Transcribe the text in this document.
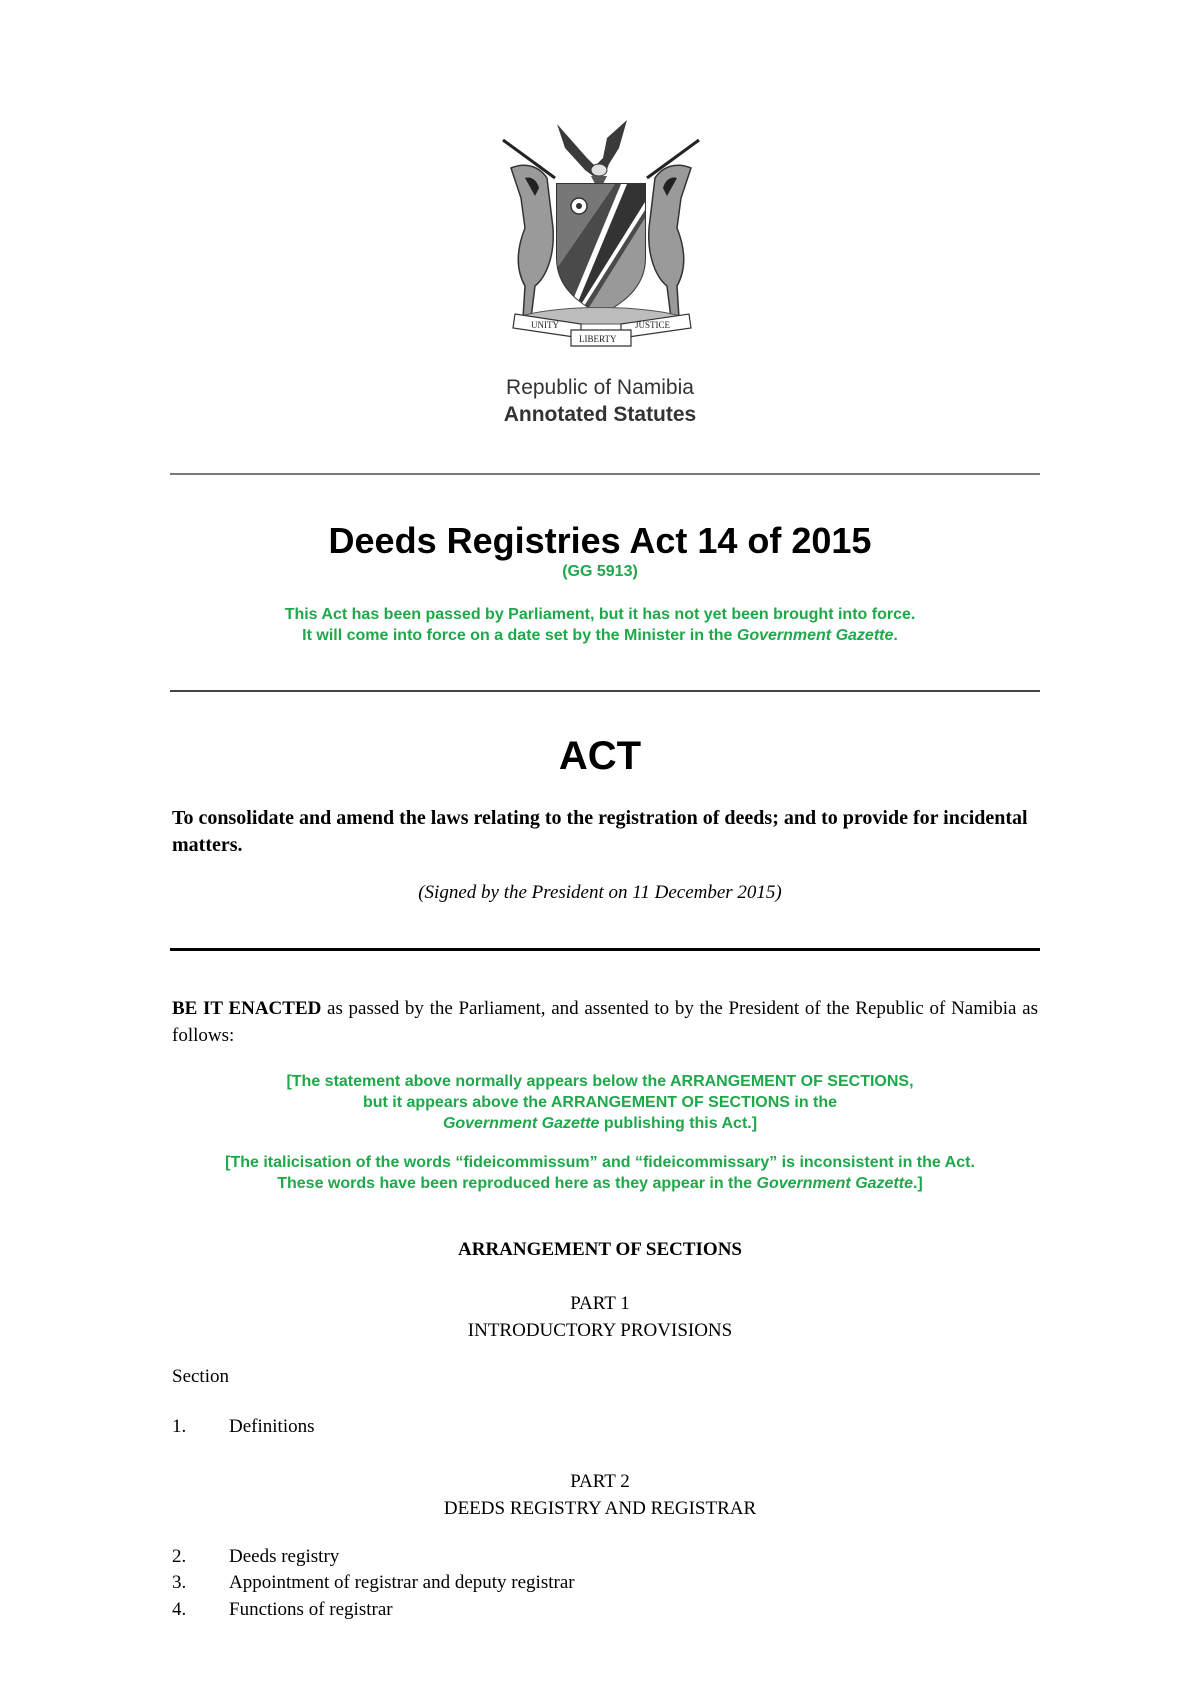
UNITY	JUSTICE
LIBERTY
Republic of Namibia
Annotated Statutes
Deeds Registries Act 14 of 2015
(GG 5913)
This Act has been passed by Parliament, but it has not yet been brought into force.
It will come into force on a date set by the Minister in the Government Gazette.
ACT
To consolidate and amend the laws relating to the registration of deeds; and to provide for incidental matters.
(Signed by the President on 11 December 2015)
BE IT ENACTED as passed by the Parliament, and assented to by the President of the Republic of Namibia as follows:
[The statement above normally appears below the ARRANGEMENT OF SECTIONS,
but it appears above the ARRANGEMENT OF SECTIONS in the
Government Gazette publishing this Act.]
[The italicisation of the words “fideicommissum” and “fideicommissary” is inconsistent in the Act.
These words have been reproduced here as they appear in the Government Gazette.]
ARRANGEMENT OF SECTIONS
PART 1
INTRODUCTORY PROVISIONS
Section
1. Definitions
PART 2
DEEDS REGISTRY AND REGISTRAR
2. Deeds registry
3. Appointment of registrar and deputy registrar
4. Functions of registrar
